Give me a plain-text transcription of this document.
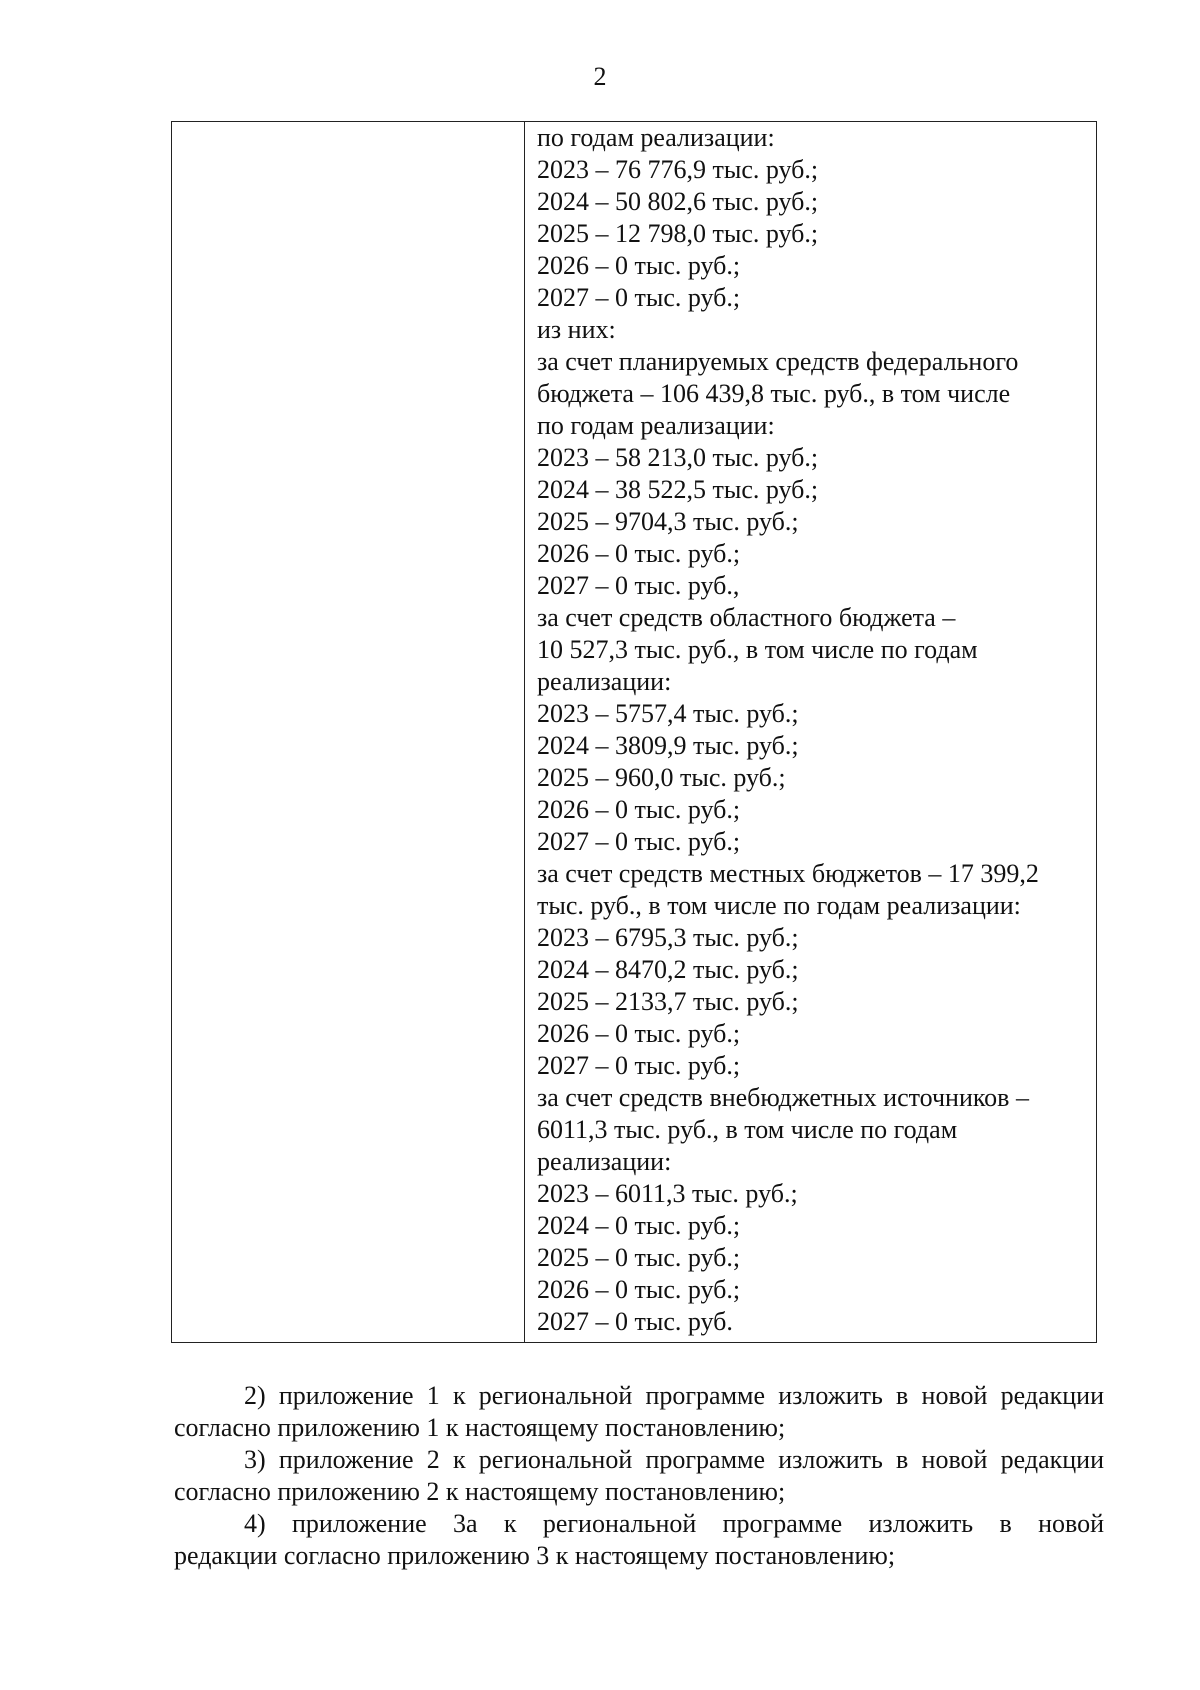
2
по годам реализации:
2023 – 76 776,9 тыс. руб.;
2024 – 50 802,6 тыс. руб.;
2025 – 12 798,0 тыс. руб.;
2026 – 0 тыс. руб.;
2027 – 0 тыс. руб.;
из них:
за счет планируемых средств федерального
бюджета – 106 439,8 тыс. руб., в том числе
по годам реализации:
2023 – 58 213,0 тыс. руб.;
2024 – 38 522,5 тыс. руб.;
2025 – 9704,3 тыс. руб.;
2026 – 0 тыс. руб.;
2027 – 0 тыс. руб.,
за счет средств областного бюджета –
10 527,3 тыс. руб., в том числе по годам
реализации:
2023 – 5757,4 тыс. руб.;
2024 – 3809,9 тыс. руб.;
2025 – 960,0 тыс. руб.;
2026 – 0 тыс. руб.;
2027 – 0 тыс. руб.;
за счет средств местных бюджетов – 17 399,2
тыс. руб., в том числе по годам реализации:
2023 – 6795,3 тыс. руб.;
2024 – 8470,2 тыс. руб.;
2025 – 2133,7 тыс. руб.;
2026 – 0 тыс. руб.;
2027 – 0 тыс. руб.;
за счет средств внебюджетных источников –
6011,3 тыс. руб., в том числе по годам
реализации:
2023 – 6011,3 тыс. руб.;
2024 – 0 тыс. руб.;
2025 – 0 тыс. руб.;
2026 – 0 тыс. руб.;
2027 – 0 тыс. руб.
2) приложение 1 к региональной программе изложить в новой редакции
согласно приложению 1 к настоящему постановлению;
3) приложение 2 к региональной программе изложить в новой редакции
согласно приложению 2 к настоящему постановлению;
4) приложение 3а к региональной программе изложить в новой
редакции согласно приложению 3 к настоящему постановлению;
